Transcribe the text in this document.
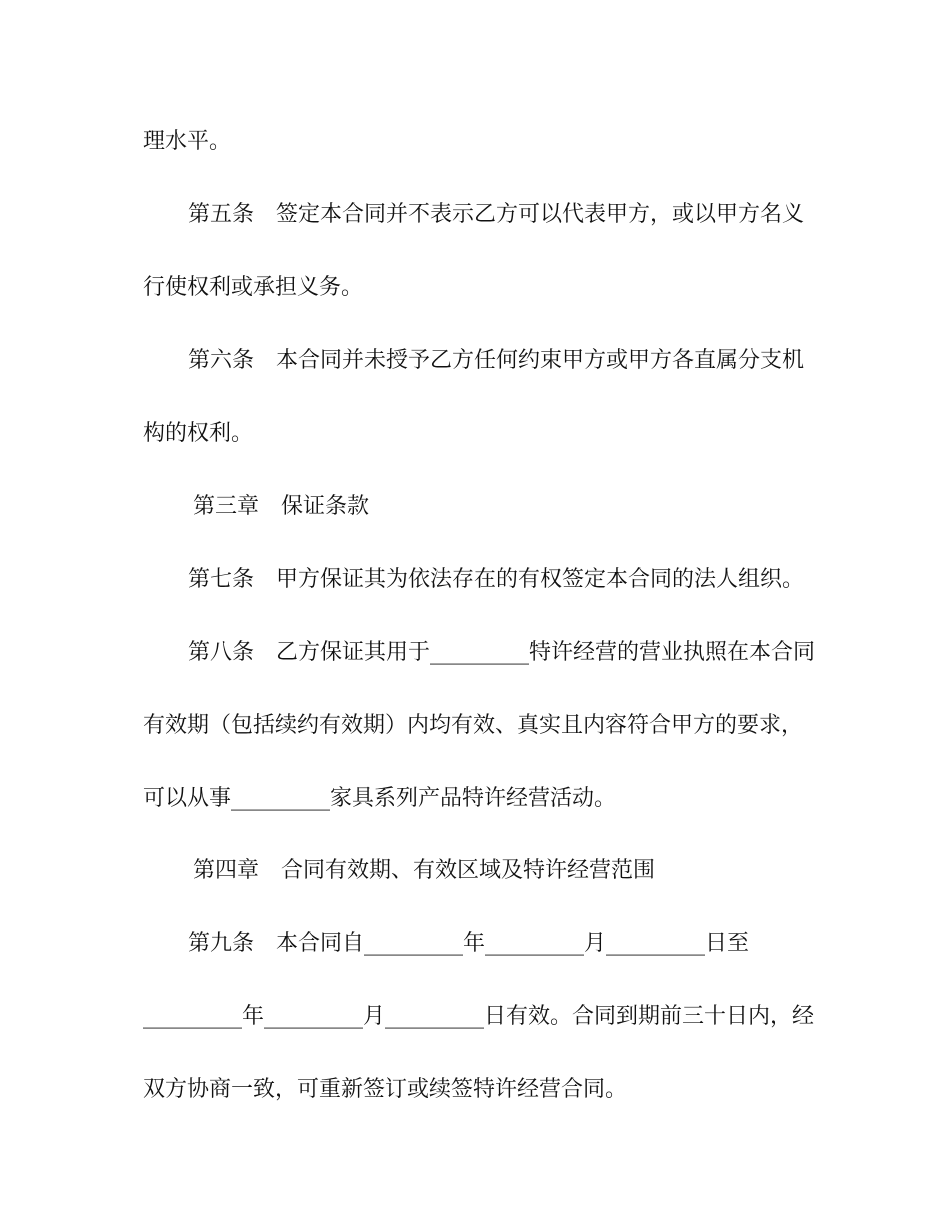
理水平。
第五条　签定本合同并不表示乙方可以代表甲方，或以甲方名义
行使权利或承担义务。
第六条　本合同并未授予乙方任何约束甲方或甲方各直属分支机
构的权利。
第三章　保证条款
第七条　甲方保证其为依法存在的有权签定本合同的法人组织。
第八条　乙方保证其用于_________特许经营的营业执照在本合同
有效期（包括续约有效期）内均有效、真实且内容符合甲方的要求，
可以从事_________家具系列产品特许经营活动。
第四章　合同有效期、有效区域及特许经营范围
第九条　本合同自_________年_________月_________日至
_________年_________月_________日有效。合同到期前三十日内，经
双方协商一致，可重新签订或续签特许经营合同。
